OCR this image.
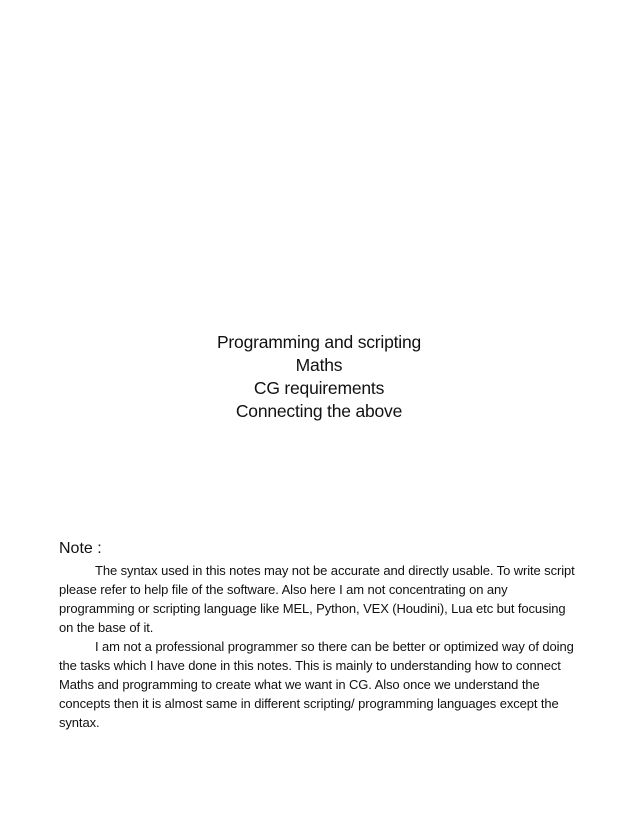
Programming and scripting

Maths

CG requirements

Connecting the above

Note :

The syntax used in this notes may not be accurate and directly usable. To write script please refer to help file of the software. Also here I am not concentrating on any programming or scripting language like MEL, Python, VEX (Houdini), Lua etc but focusing on the base of it.

I am not a professional programmer so there can be better or optimized way of doing the tasks which I have done in this notes. This is mainly to understanding how to connect Maths and programming to create what we want in CG. Also once we understand the concepts then it is almost same in different scripting/ programming languages except the syntax.
